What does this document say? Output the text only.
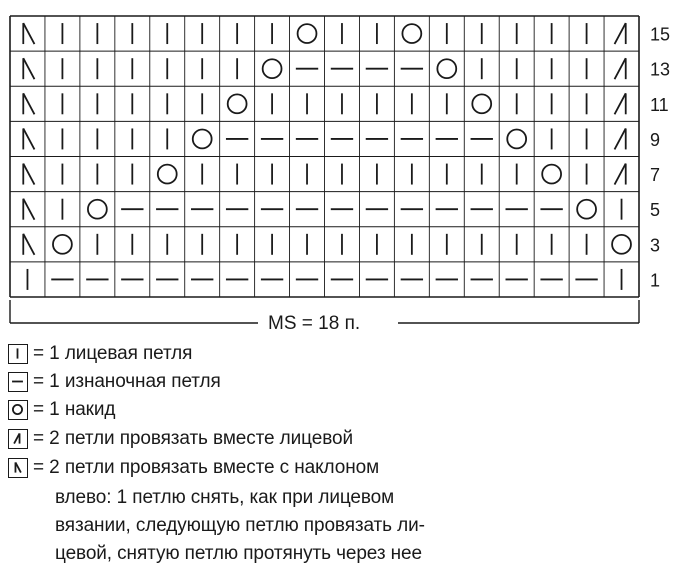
15
13
11
9
7
5
3
1
MS = 18 п.
= 1 лицевая петля
= 1 изнаночная петля
= 1 накид
= 2 петли провязать вместе лицевой
= 2 петли провязать вместе с наклоном
влево: 1 петлю снять, как при лицевом
вязании, следующую петлю провязать ли-
цевой, снятую петлю протянуть через нее
